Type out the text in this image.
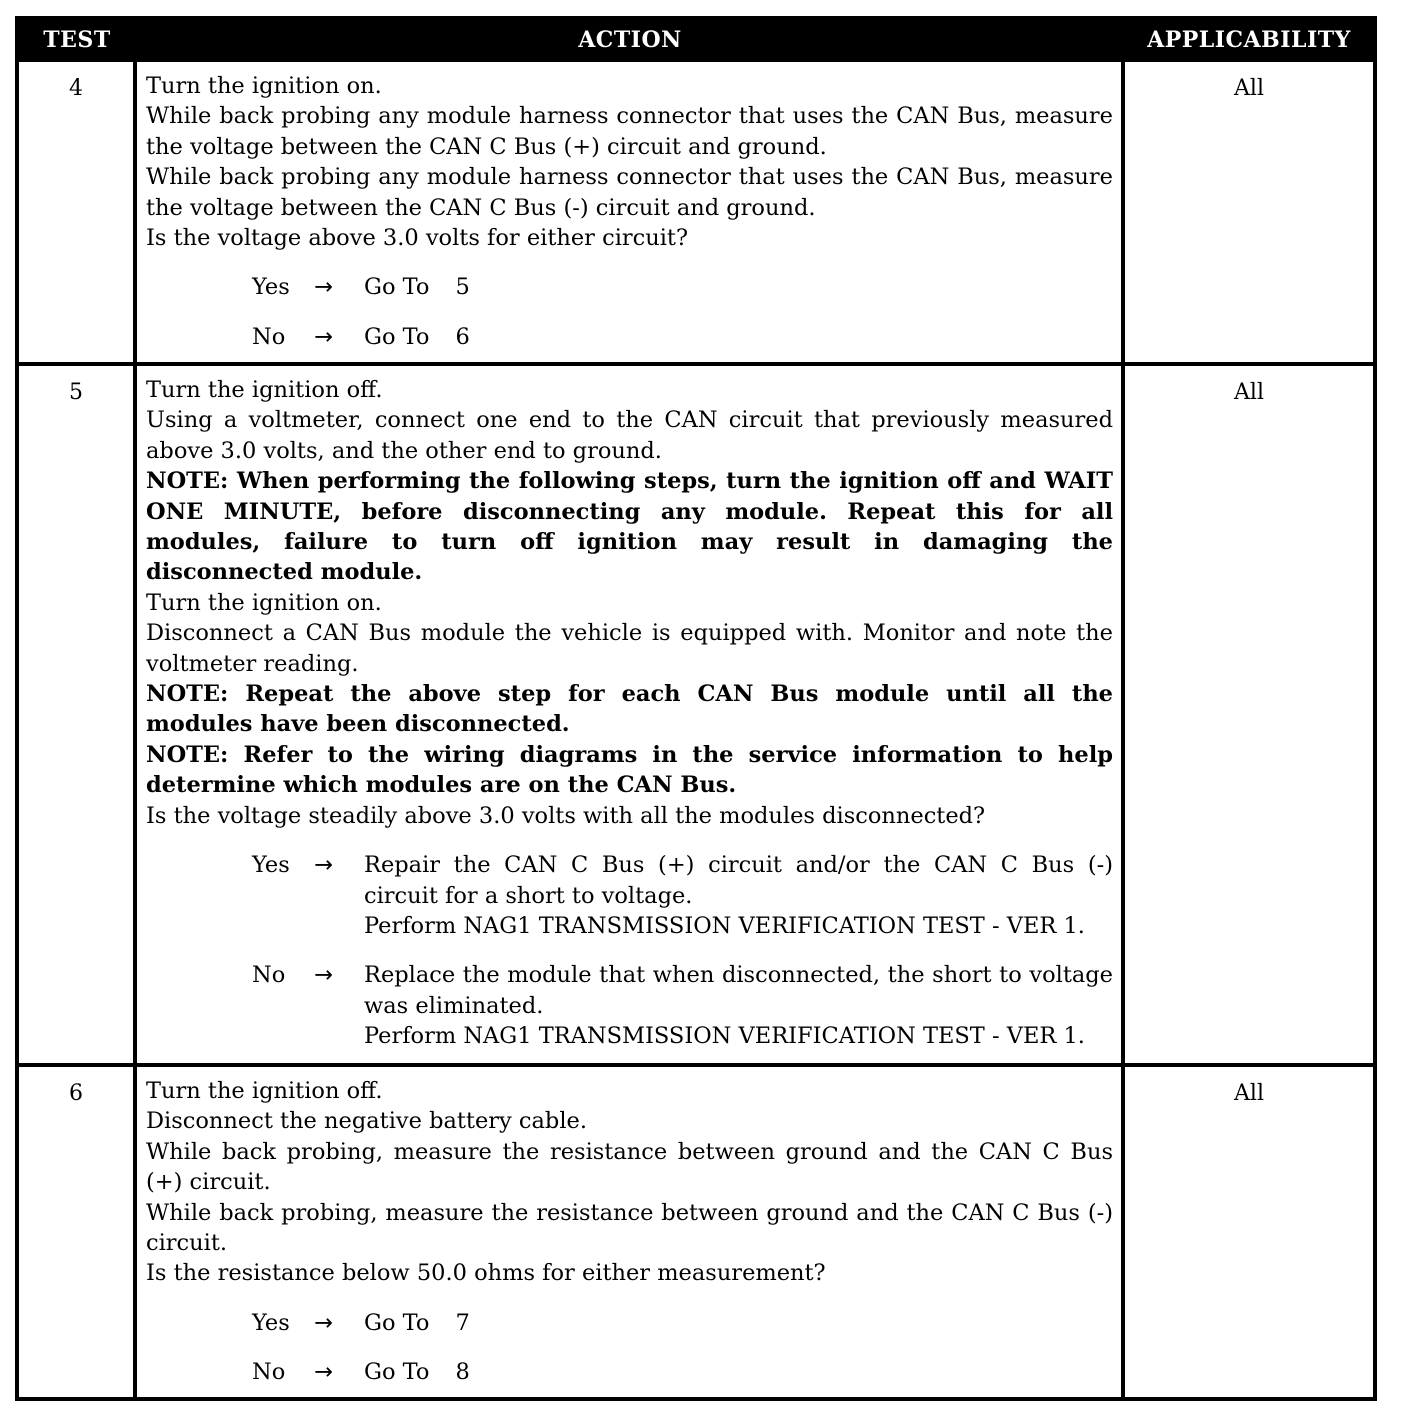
TEST	ACTION	APPLICABILITY
4	Turn the ignition on.
While back probing any module harness connector that uses the CAN Bus, measure the voltage between the CAN C Bus (+) circuit and ground.
While back probing any module harness connector that uses the CAN Bus, measure the voltage between the CAN C Bus (-) circuit and ground.
Is the voltage above 3.0 volts for either circuit?
Yes → Go To 5
No → Go To 6
All
5	Turn the ignition off.
Using a voltmeter, connect one end to the CAN circuit that previously measured above 3.0 volts, and the other end to ground.
NOTE: When performing the following steps, turn the ignition off and WAIT ONE MINUTE, before disconnecting any module. Repeat this for all modules, failure to turn off ignition may result in damaging the disconnected module.
Turn the ignition on.
Disconnect a CAN Bus module the vehicle is equipped with. Monitor and note the voltmeter reading.
NOTE: Repeat the above step for each CAN Bus module until all the modules have been disconnected.
NOTE: Refer to the wiring diagrams in the service information to help determine which modules are on the CAN Bus.
Is the voltage steadily above 3.0 volts with all the modules disconnected?
Yes → Repair the CAN C Bus (+) circuit and/or the CAN C Bus (-) circuit for a short to voltage.
Perform NAG1 TRANSMISSION VERIFICATION TEST - VER 1.
No → Replace the module that when disconnected, the short to voltage was eliminated.
Perform NAG1 TRANSMISSION VERIFICATION TEST - VER 1.
All
6	Turn the ignition off.
Disconnect the negative battery cable.
While back probing, measure the resistance between ground and the CAN C Bus (+) circuit.
While back probing, measure the resistance between ground and the CAN C Bus (-) circuit.
Is the resistance below 50.0 ohms for either measurement?
Yes → Go To 7
No → Go To 8
All
